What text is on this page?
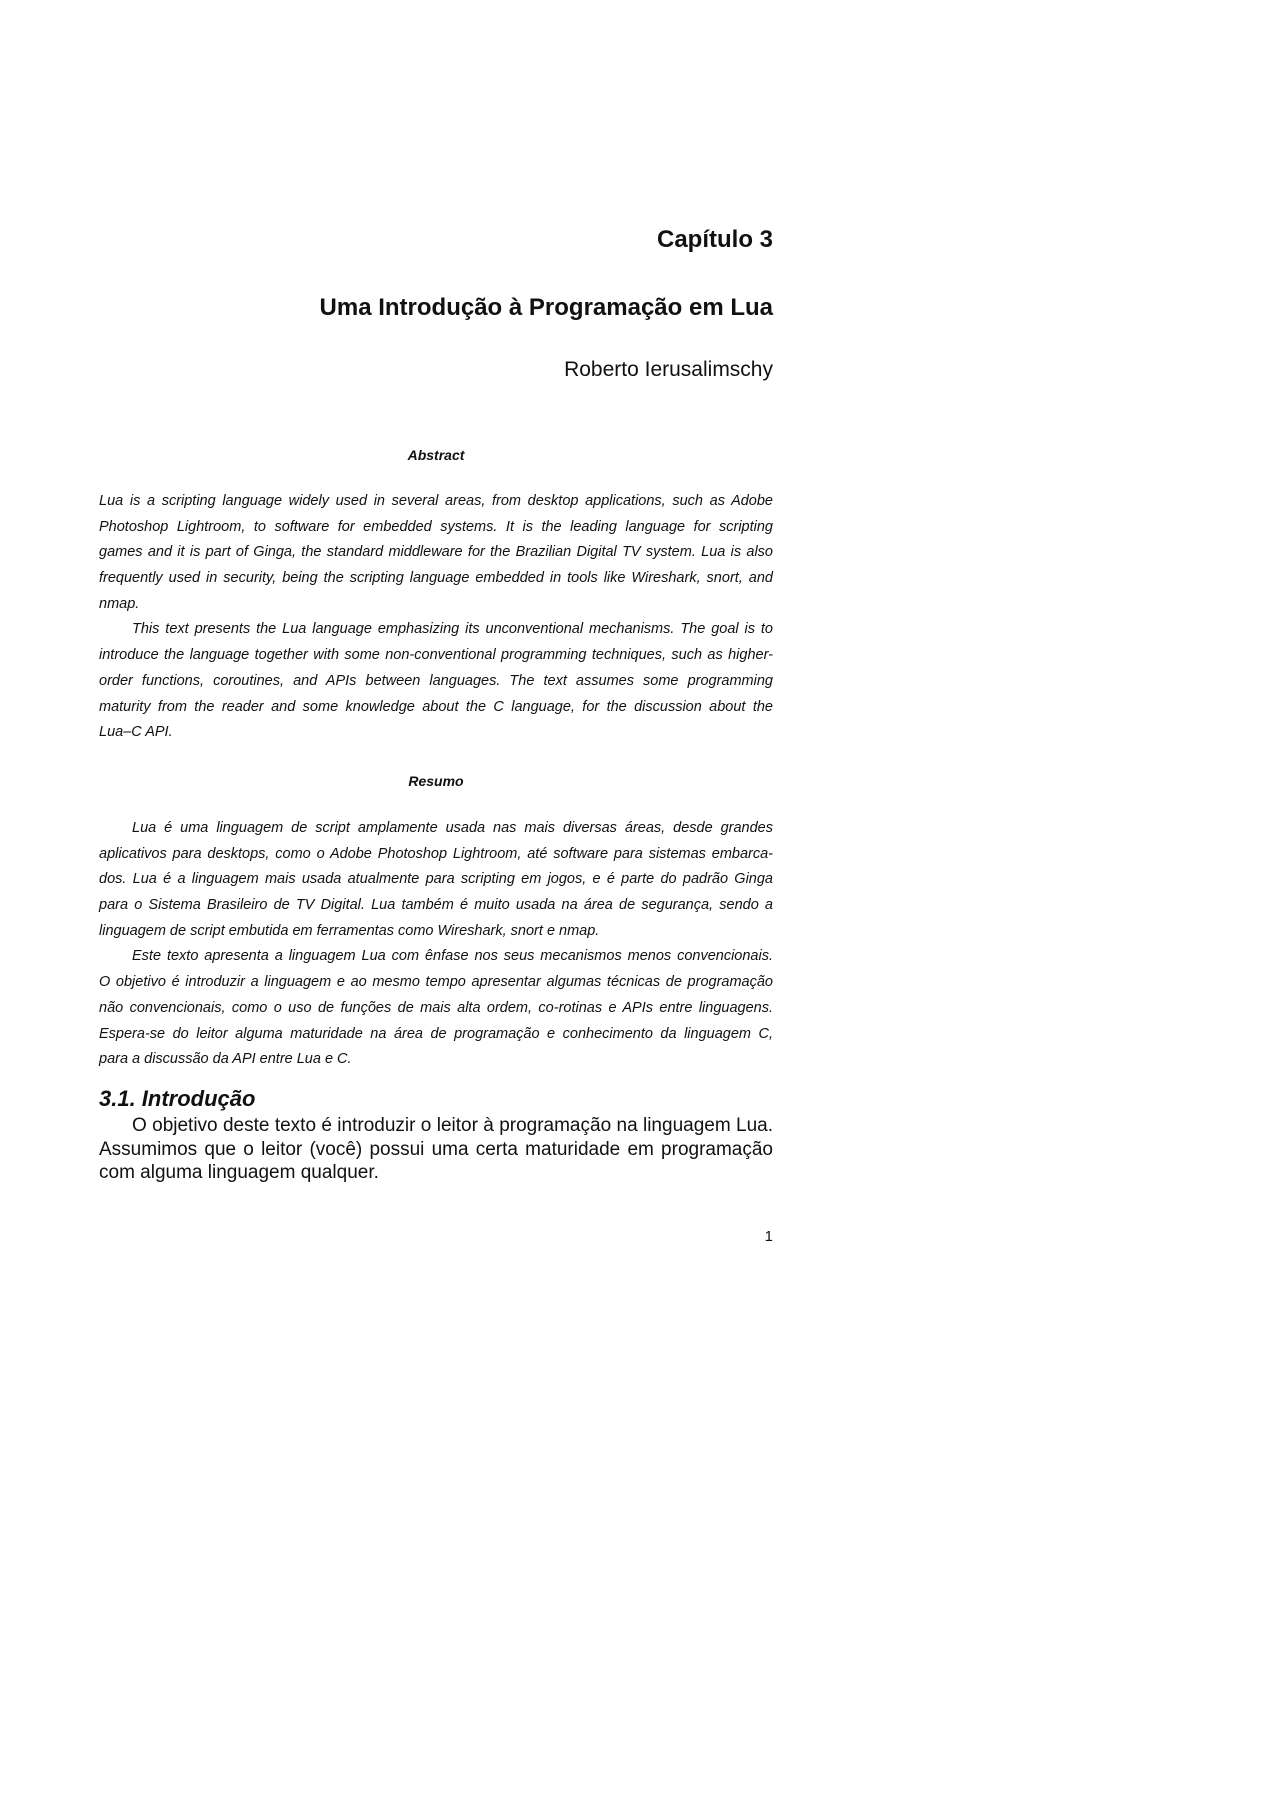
Capítulo 3
Uma Introdução à Programação em Lua
Roberto Ierusalimschy
Abstract
Lua is a scripting language widely used in several areas, from desktop applications, such as Adobe
Photoshop Lightroom, to software for embedded systems. It is the leading language for scripting
games and it is part of Ginga, the standard middleware for the Brazilian Digital TV system. Lua is also
frequently used in security, being the scripting language embedded in tools like Wireshark, snort, and
nmap.
This text presents the Lua language emphasizing its unconventional mechanisms. The goal is to
introduce the language together with some non-conventional programming techniques, such as higher-
order functions, coroutines, and APIs between languages. The text assumes some programming
maturity from the reader and some knowledge about the C language, for the discussion about the
Lua–C API.
Resumo
Lua é uma linguagem de script amplamente usada nas mais diversas áreas, desde grandes
aplicativos para desktops, como o Adobe Photoshop Lightroom, até software para sistemas embarca-
dos. Lua é a linguagem mais usada atualmente para scripting em jogos, e é parte do padrão Ginga
para o Sistema Brasileiro de TV Digital. Lua também é muito usada na área de segurança, sendo a
linguagem de script embutida em ferramentas como Wireshark, snort e nmap.
Este texto apresenta a linguagem Lua com ênfase nos seus mecanismos menos convencionais.
O objetivo é introduzir a linguagem e ao mesmo tempo apresentar algumas técnicas de programação
não convencionais, como o uso de funções de mais alta ordem, co-rotinas e APIs entre linguagens.
Espera-se do leitor alguma maturidade na área de programação e conhecimento da linguagem C,
para a discussão da API entre Lua e C.
3.1. Introdução
O objetivo deste texto é introduzir o leitor à programação na linguagem Lua.
Assumimos que o leitor (você) possui uma certa maturidade em programação
com alguma linguagem qualquer.
1
